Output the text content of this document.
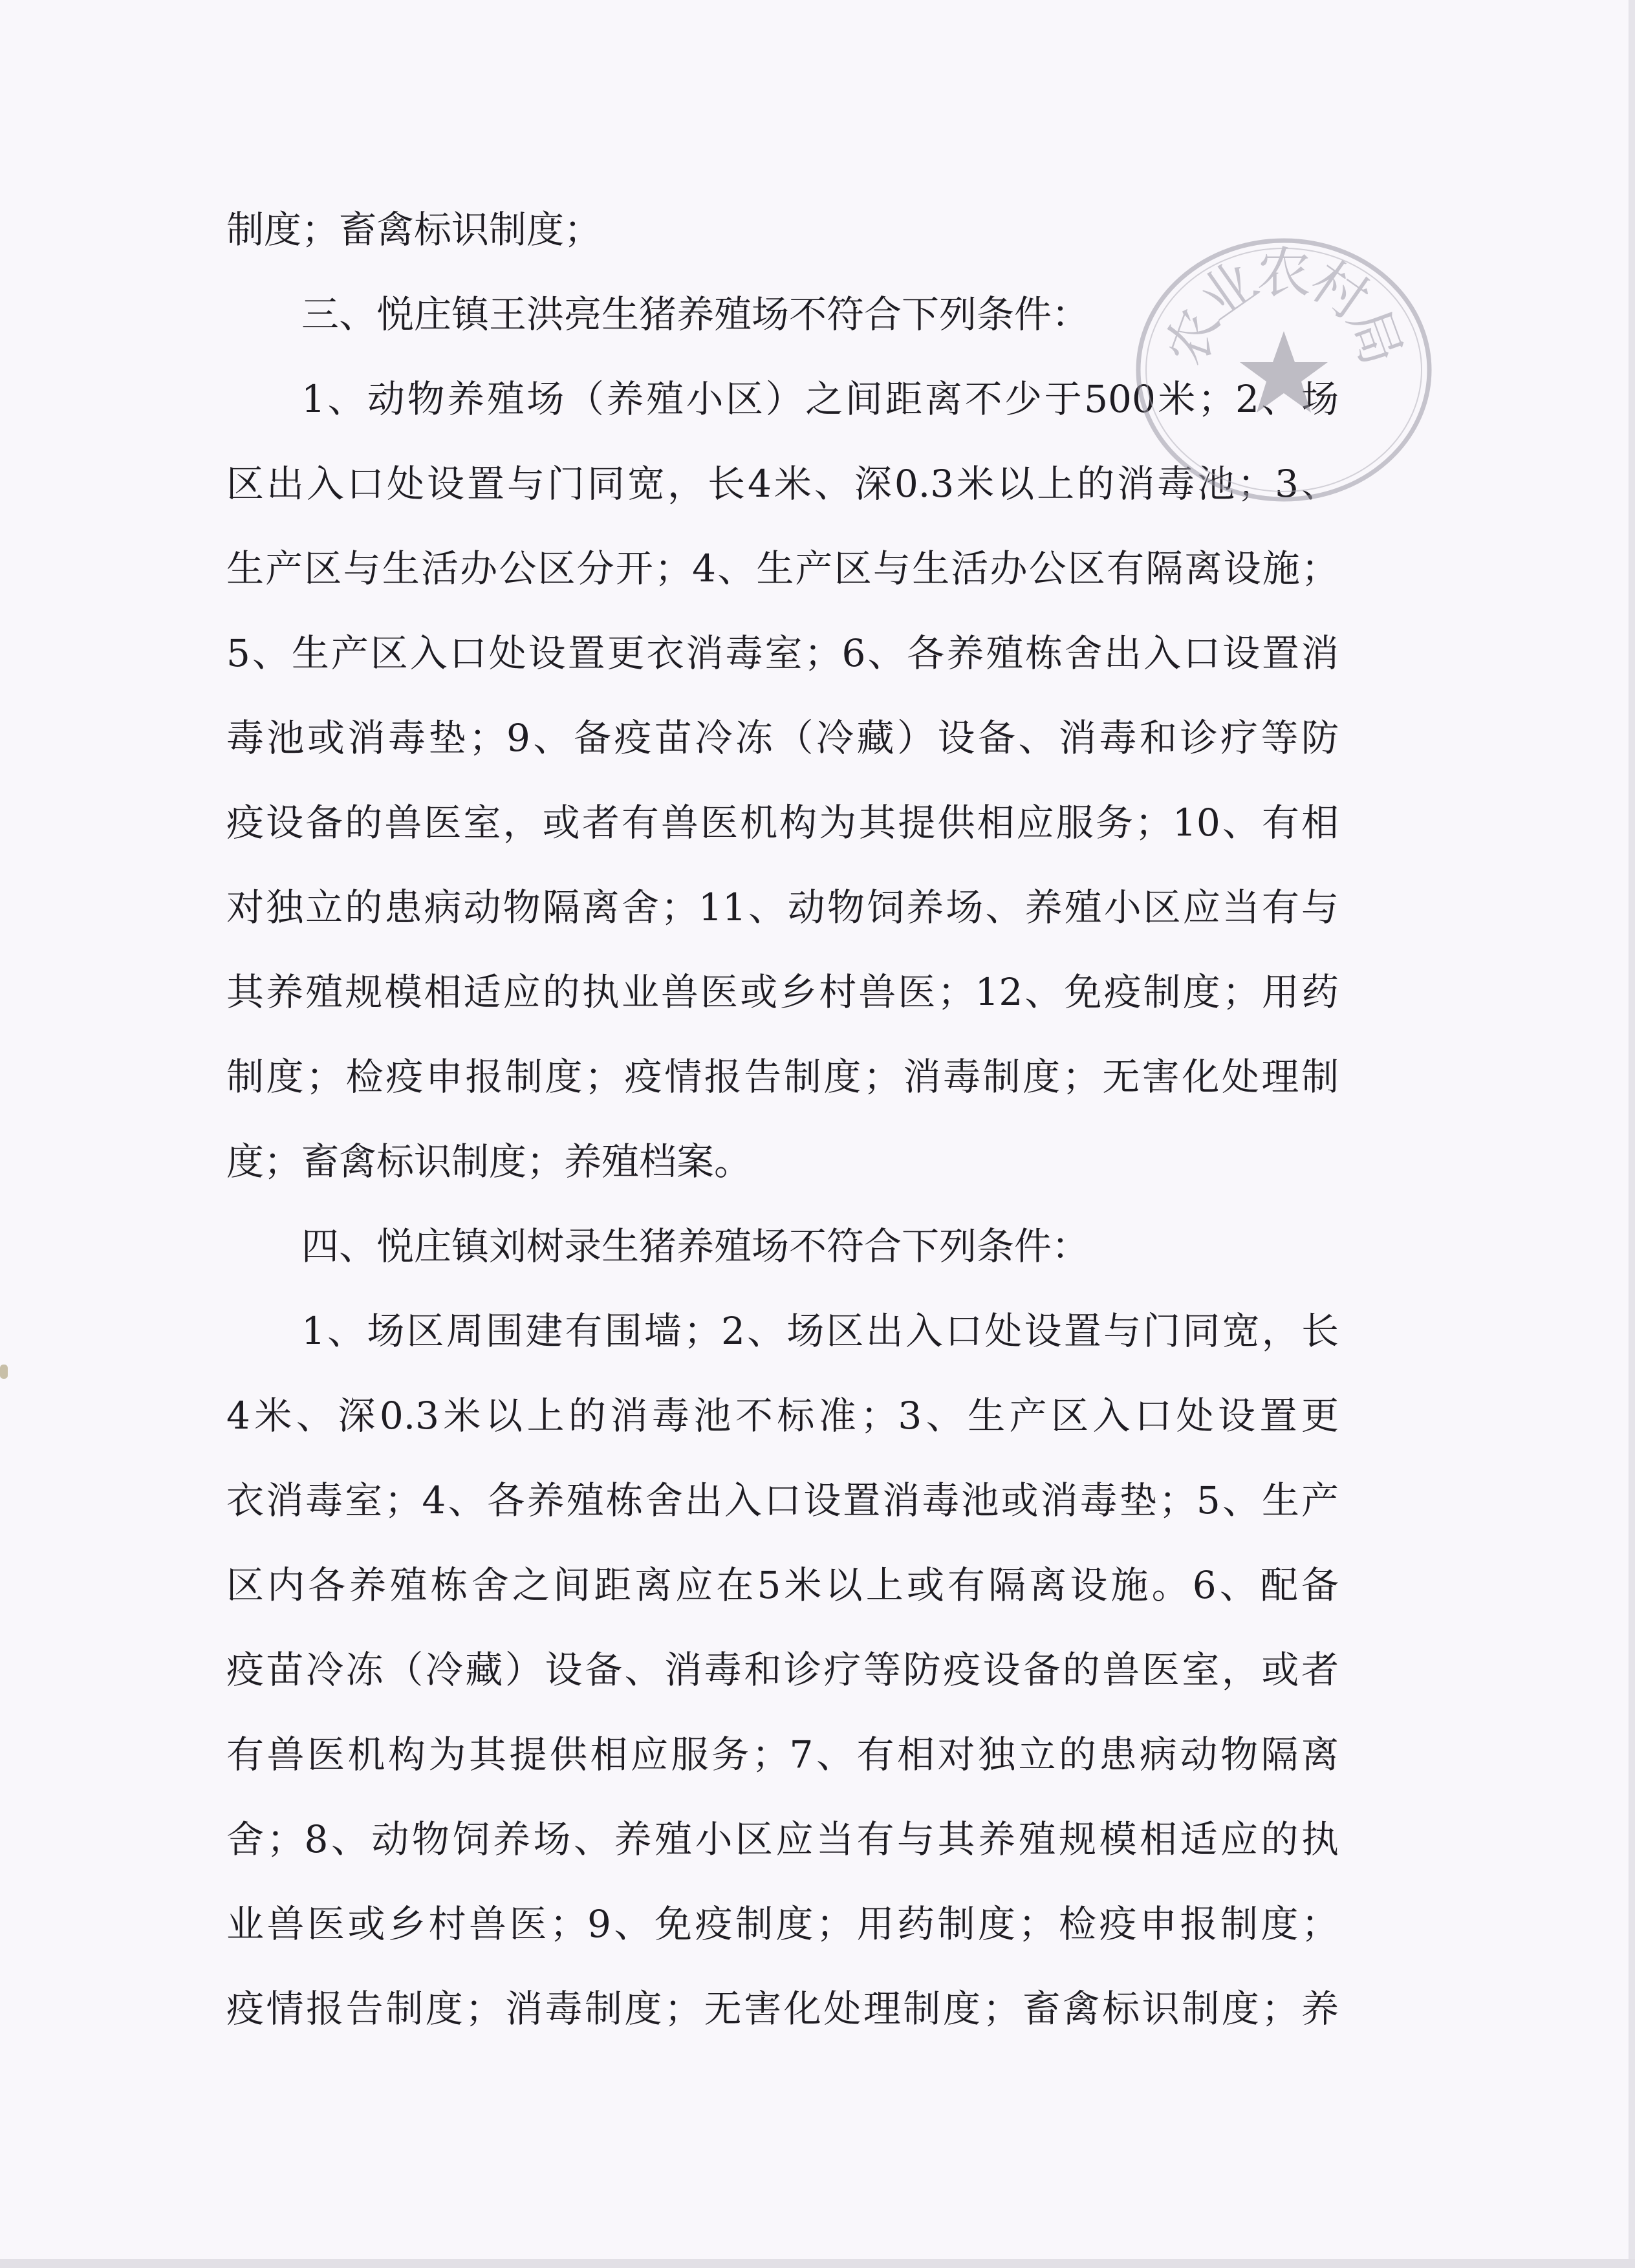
制度；畜禽标识制度；
三、悦庄镇王洪亮生猪养殖场不符合下列条件：
1、动物养殖场（养殖小区）之间距离不少于500米；2、场
区出入口处设置与门同宽，长4米、深0.3米以上的消毒池；3、
生产区与生活办公区分开；4、生产区与生活办公区有隔离设施；
5、生产区入口处设置更衣消毒室；6、各养殖栋舍出入口设置消
毒池或消毒垫；9、备疫苗冷冻（冷藏）设备、消毒和诊疗等防
疫设备的兽医室，或者有兽医机构为其提供相应服务；10、有相
对独立的患病动物隔离舍；11、动物饲养场、养殖小区应当有与
其养殖规模相适应的执业兽医或乡村兽医；12、免疫制度；用药
制度；检疫申报制度；疫情报告制度；消毒制度；无害化处理制
度；畜禽标识制度；养殖档案。
四、悦庄镇刘树录生猪养殖场不符合下列条件：
1、场区周围建有围墙；2、场区出入口处设置与门同宽，长
4米、深0.3米以上的消毒池不标准；3、生产区入口处设置更
衣消毒室；4、各养殖栋舍出入口设置消毒池或消毒垫；5、生产
区内各养殖栋舍之间距离应在5米以上或有隔离设施。6、配备
疫苗冷冻（冷藏）设备、消毒和诊疗等防疫设备的兽医室，或者
有兽医机构为其提供相应服务；7、有相对独立的患病动物隔离
舍；8、动物饲养场、养殖小区应当有与其养殖规模相适应的执
业兽医或乡村兽医；9、免疫制度；用药制度；检疫申报制度；
疫情报告制度；消毒制度；无害化处理制度；畜禽标识制度；养
农
业
农
村
局
